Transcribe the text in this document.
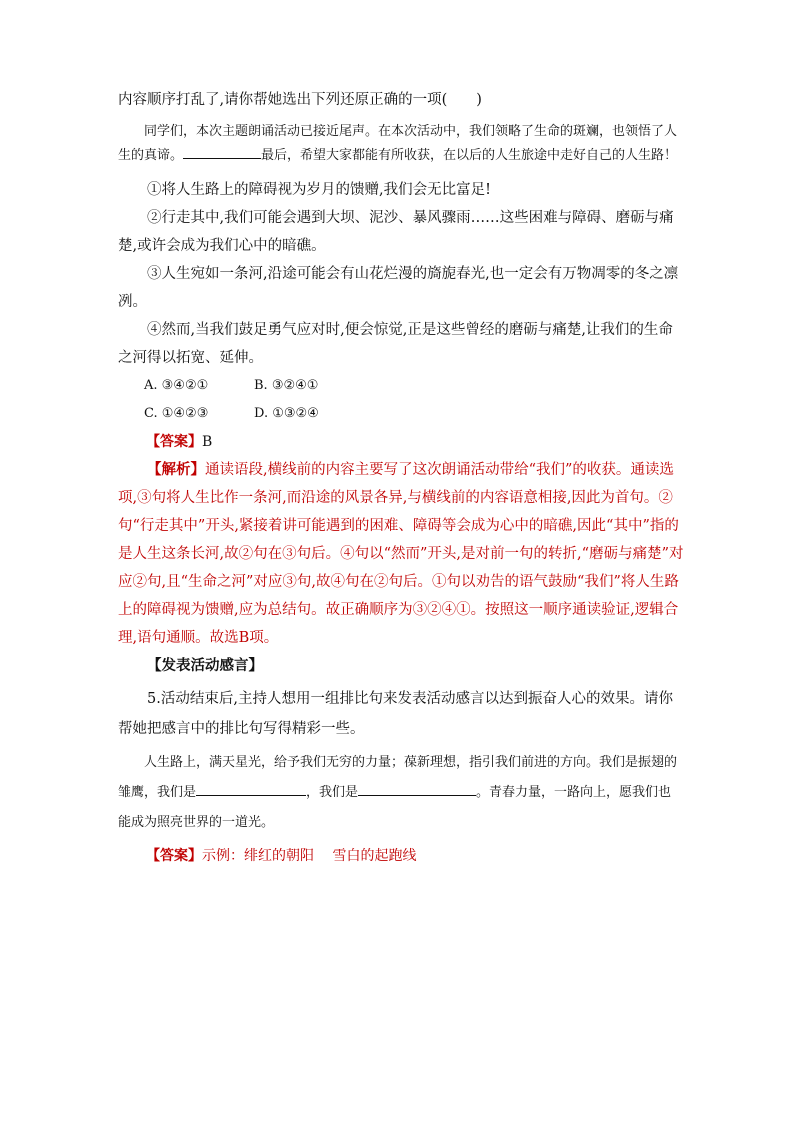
内容顺序打乱了,请你帮她选出下列还原正确的一项(　　)

同学们，本次主题朗诵活动已接近尾声。在本次活动中，我们领略了生命的斑斓，也领悟了人生的真谛。	最后，希望大家都能有所收获，在以后的人生旅途中走好自己的人生路！

①将人生路上的障碍视为岁月的馈赠,我们会无比富足!

②行走其中,我们可能会遇到大坝、泥沙、暴风骤雨……这些困难与障碍、磨砺与痛楚,或许会成为我们心中的暗礁。

③人生宛如一条河,沿途可能会有山花烂漫的旖旎春光,也一定会有万物凋零的冬之凛冽。

④然而,当我们鼓足勇气应对时,便会惊觉,正是这些曾经的磨砺与痛楚,让我们的生命之河得以拓宽、延伸。

A. ③④②①	B. ③②④①

C. ①④②③	D. ①③②④

【答案】B

【解析】通读语段,横线前的内容主要写了这次朗诵活动带给“我们”的收获。通读选项,③句将人生比作一条河,而沿途的风景各异,与横线前的内容语意相接,因此为首句。②句“行走其中”开头,紧接着讲可能遇到的困难、障碍等会成为心中的暗礁,因此“其中”指的是人生这条长河,故②句在③句后。④句以“然而”开头,是对前一句的转折,“磨砺与痛楚”对应②句,且“生命之河”对应③句,故④句在②句后。①句以劝告的语气鼓励“我们”将人生路上的障碍视为馈赠,应为总结句。故正确顺序为③②④①。按照这一顺序通读验证,逻辑合理,语句通顺。故选B项。

【发表活动感言】

5.活动结束后,主持人想用一组排比句来发表活动感言以达到振奋人心的效果。请你帮她把感言中的排比句写得精彩一些。

人生路上，满天星光，给予我们无穷的力量；葆新理想，指引我们前进的方向。我们是振翅的雏鹰，我们是	，我们是	。青春力量，一路向上，愿我们也能成为照亮世界的一道光。

【答案】示例：绯红的朝阳　 雪白的起跑线
